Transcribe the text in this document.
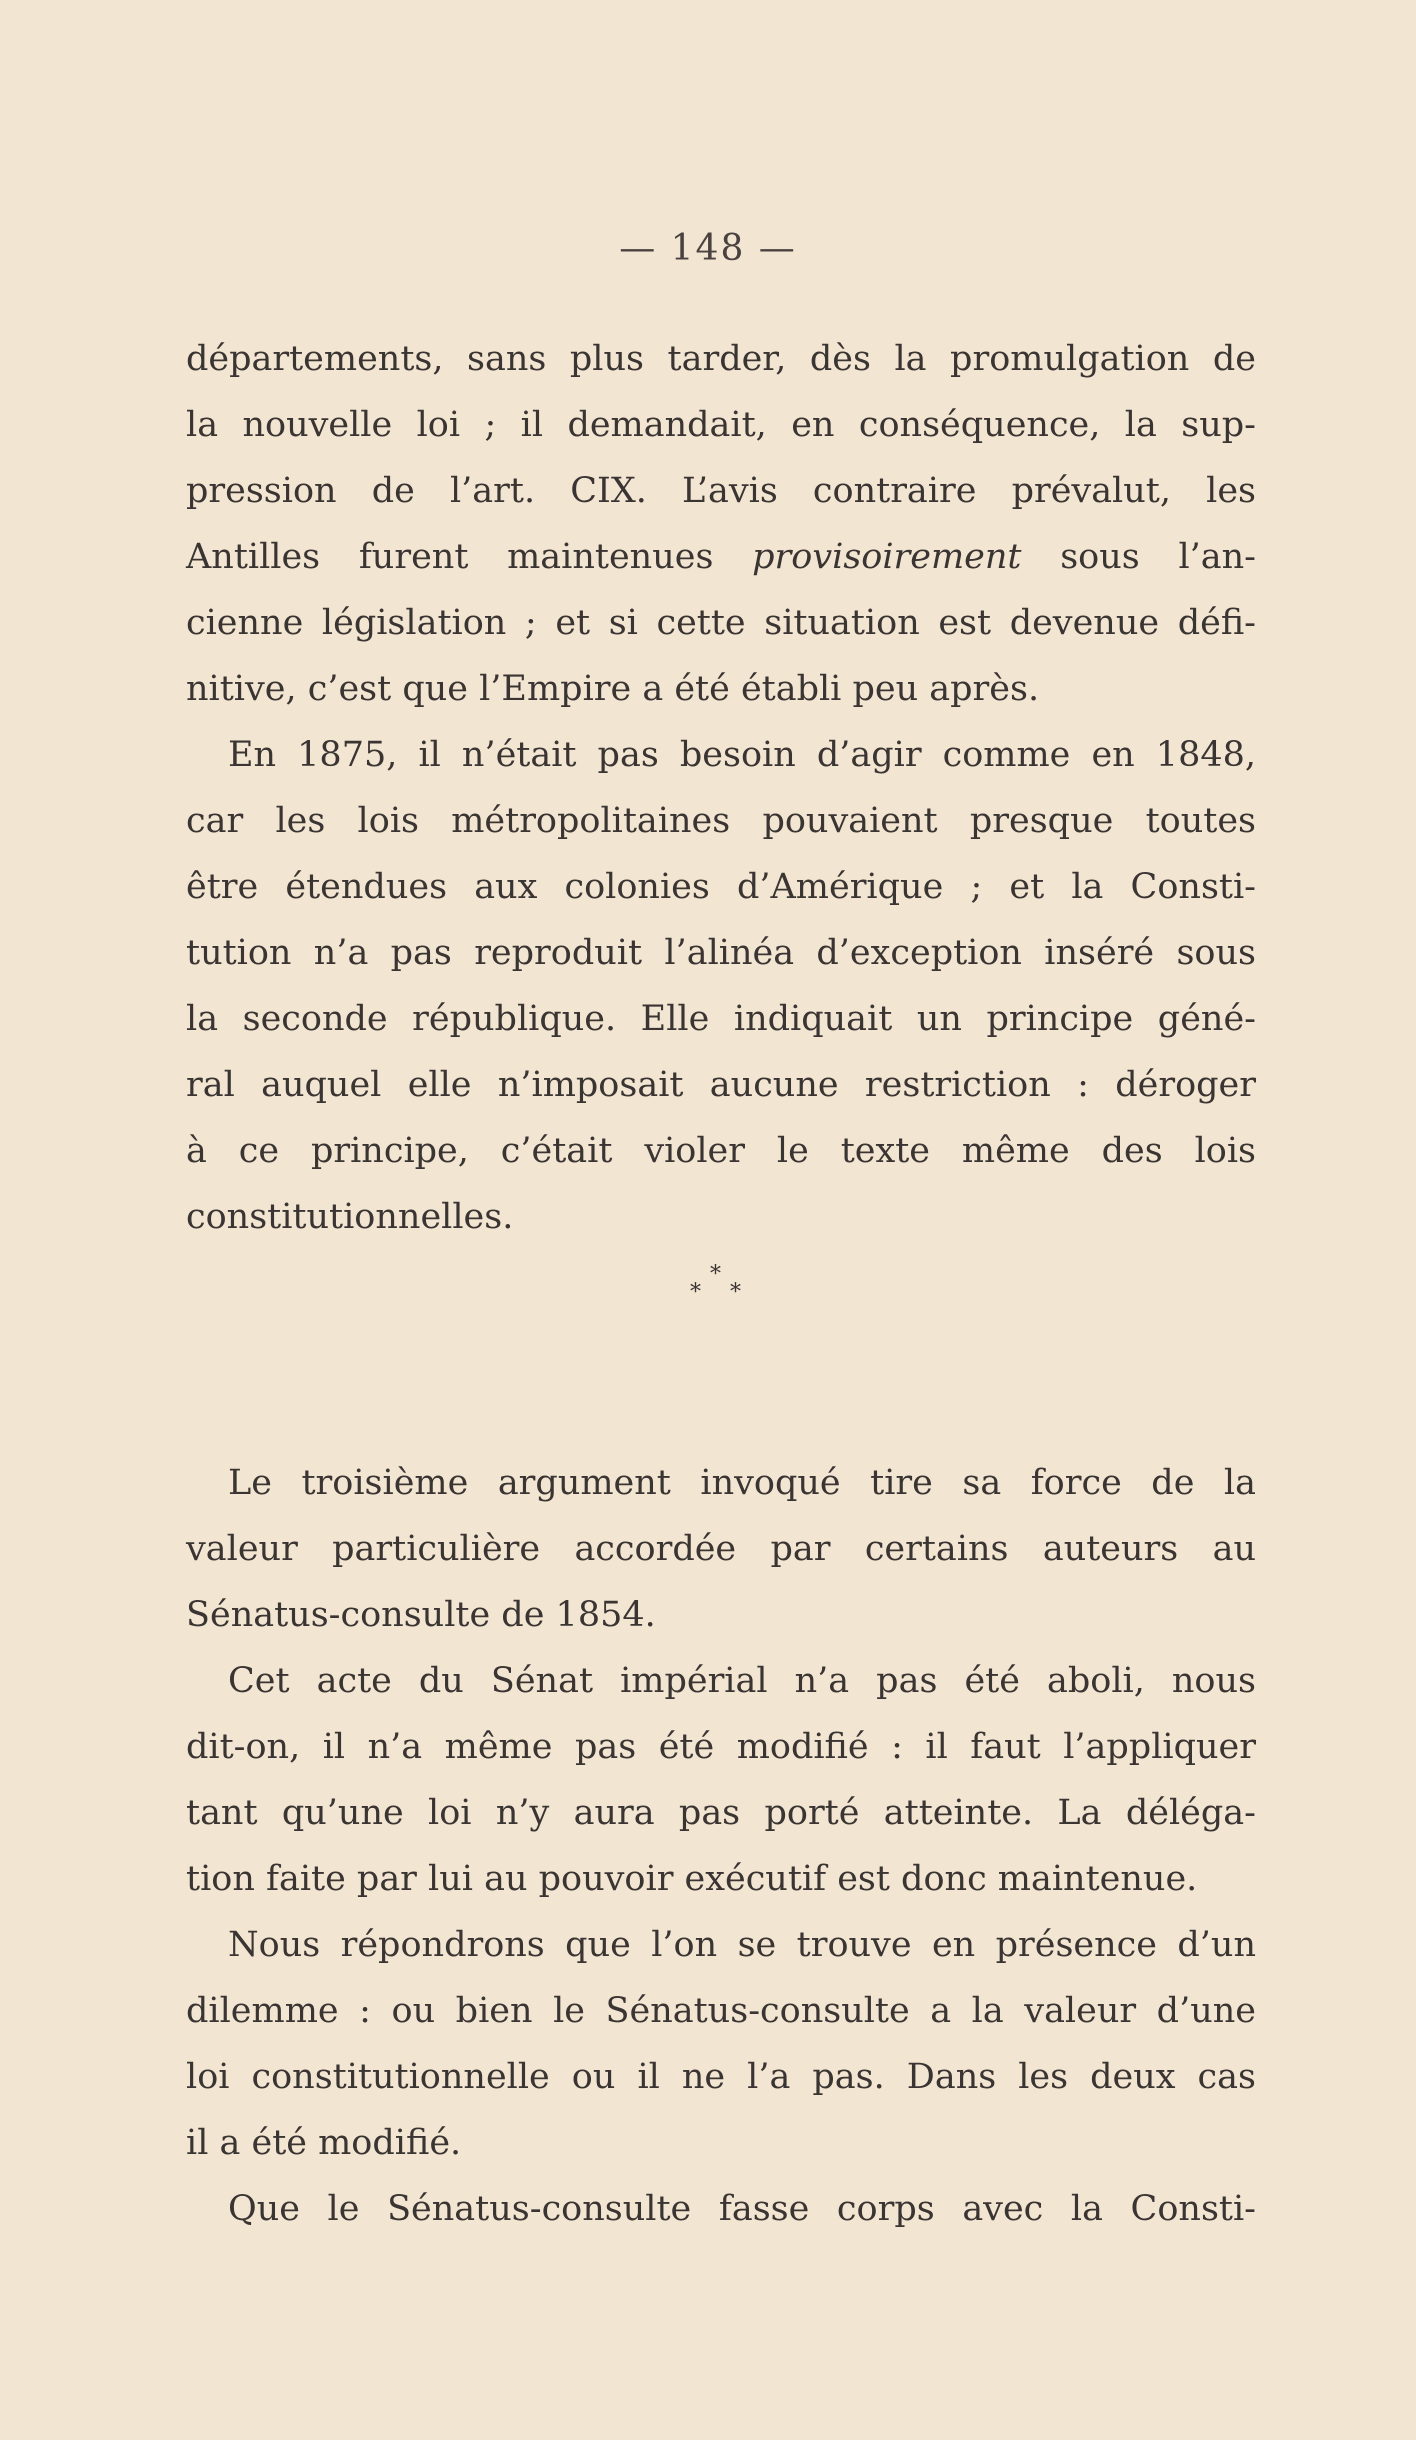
— 148 —
départements, sans plus tarder, dès la promulgation de
la nouvelle loi ; il demandait, en conséquence, la sup-
pression de l’art. CIX. L’avis contraire prévalut, les
Antilles furent maintenues provisoirement sous l’an-
cienne législation ; et si cette situation est devenue défi-
nitive, c’est que l’Empire a été établi peu après.
En 1875, il n’était pas besoin d’agir comme en 1848,
car les lois métropolitaines pouvaient presque toutes
être étendues aux colonies d’Amérique ; et la Consti-
tution n’a pas reproduit l’alinéa d’exception inséré sous
la seconde république. Elle indiquait un principe géné-
ral auquel elle n’imposait aucune restriction : déroger
à ce principe, c’était violer le texte même des lois
constitutionnelles.
*
* *
Le troisième argument invoqué tire sa force de la
valeur particulière accordée par certains auteurs au
Sénatus-consulte de 1854.
Cet acte du Sénat impérial n’a pas été aboli, nous
dit-on, il n’a même pas été modifié : il faut l’appliquer
tant qu’une loi n’y aura pas porté atteinte. La déléga-
tion faite par lui au pouvoir exécutif est donc maintenue.
Nous répondrons que l’on se trouve en présence d’un
dilemme : ou bien le Sénatus-consulte a la valeur d’une
loi constitutionnelle ou il ne l’a pas. Dans les deux cas
il a été modifié.
Que le Sénatus-consulte fasse corps avec la Consti-
